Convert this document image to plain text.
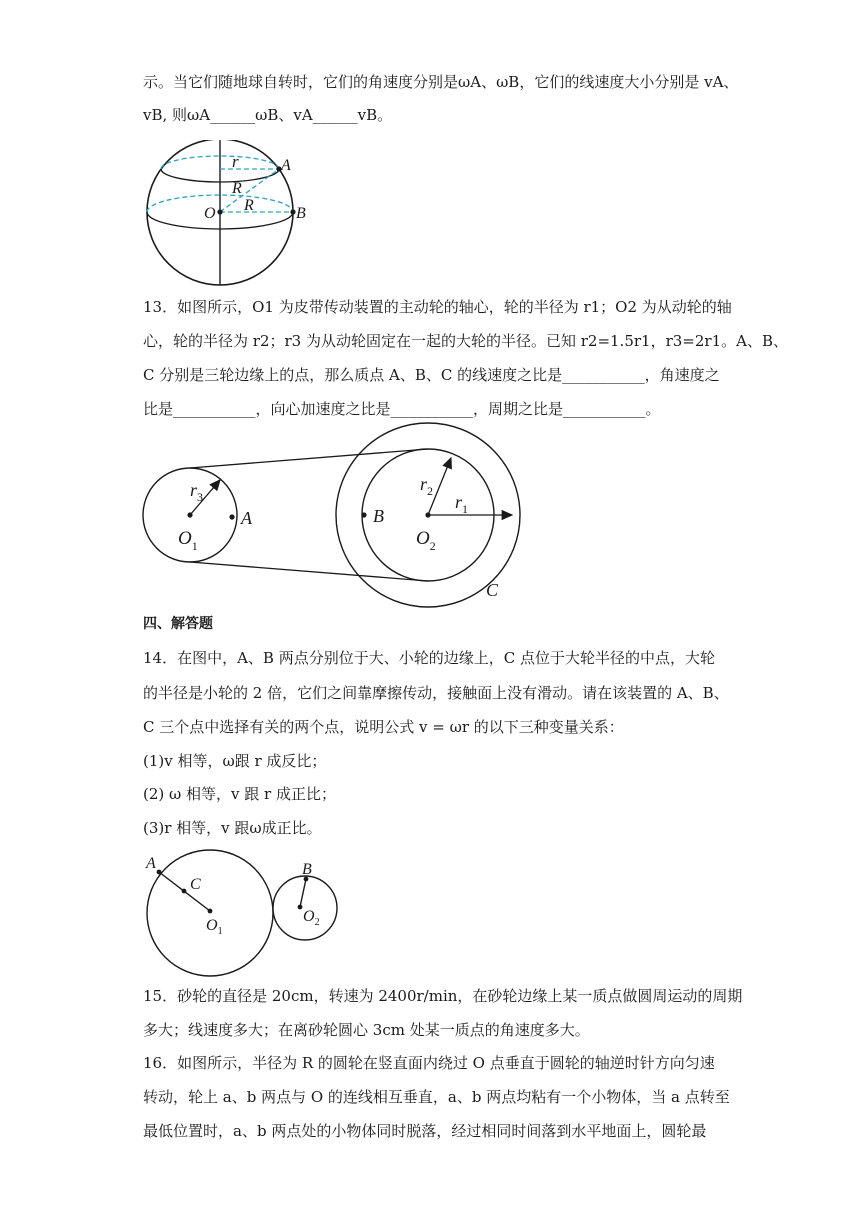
示。当它们随地球自转时，它们的角速度分别是ωA、ωB，它们的线速度大小分别是 vA、
vB, 则ωA______ωB、vA______vB。
r
R
R
O
A
B
13．如图所示，O1 为皮带传动装置的主动轮的轴心，轮的半径为 r1；O2 为从动轮的轴
心，轮的半径为 r2；r3 为从动轮固定在一起的大轮的半径。已知 r2=1.5r1，r3=2r1。A、B、
C 分别是三轮边缘上的点，那么质点 A、B、C 的线速度之比是___________，角速度之
比是___________，向心加速度之比是___________，周期之比是___________。
$r_3$
$O_1$
A	B
$r_2$
$r_1$
$O_2$
C
四、解答题
14．在图中，A、B 两点分别位于大、小轮的边缘上，C 点位于大轮半径的中点，大轮
的半径是小轮的 2 倍，它们之间靠摩擦传动，接触面上没有滑动。请在该装置的 A、B、
C 三个点中选择有关的两个点，说明公式 v = ωr 的以下三种变量关系：
(1)v 相等，ω跟 r 成反比；
(2) ω 相等，v 跟 r 成正比；
(3)r 相等，v 跟ω成正比。
A
C
$O_1$
B
$O_2$
15．砂轮的直径是 20cm，转速为 2400r/min，在砂轮边缘上某一质点做圆周运动的周期
多大；线速度多大；在离砂轮圆心 3cm 处某一质点的角速度多大。
16．如图所示，半径为 R 的圆轮在竖直面内绕过 O 点垂直于圆轮的轴逆时针方向匀速
转动，轮上 a、b 两点与 O 的连线相互垂直，a、b 两点均粘有一个小物体，当 a 点转至
最低位置时，a、b 两点处的小物体同时脱落，经过相同时间落到水平地面上，圆轮最
